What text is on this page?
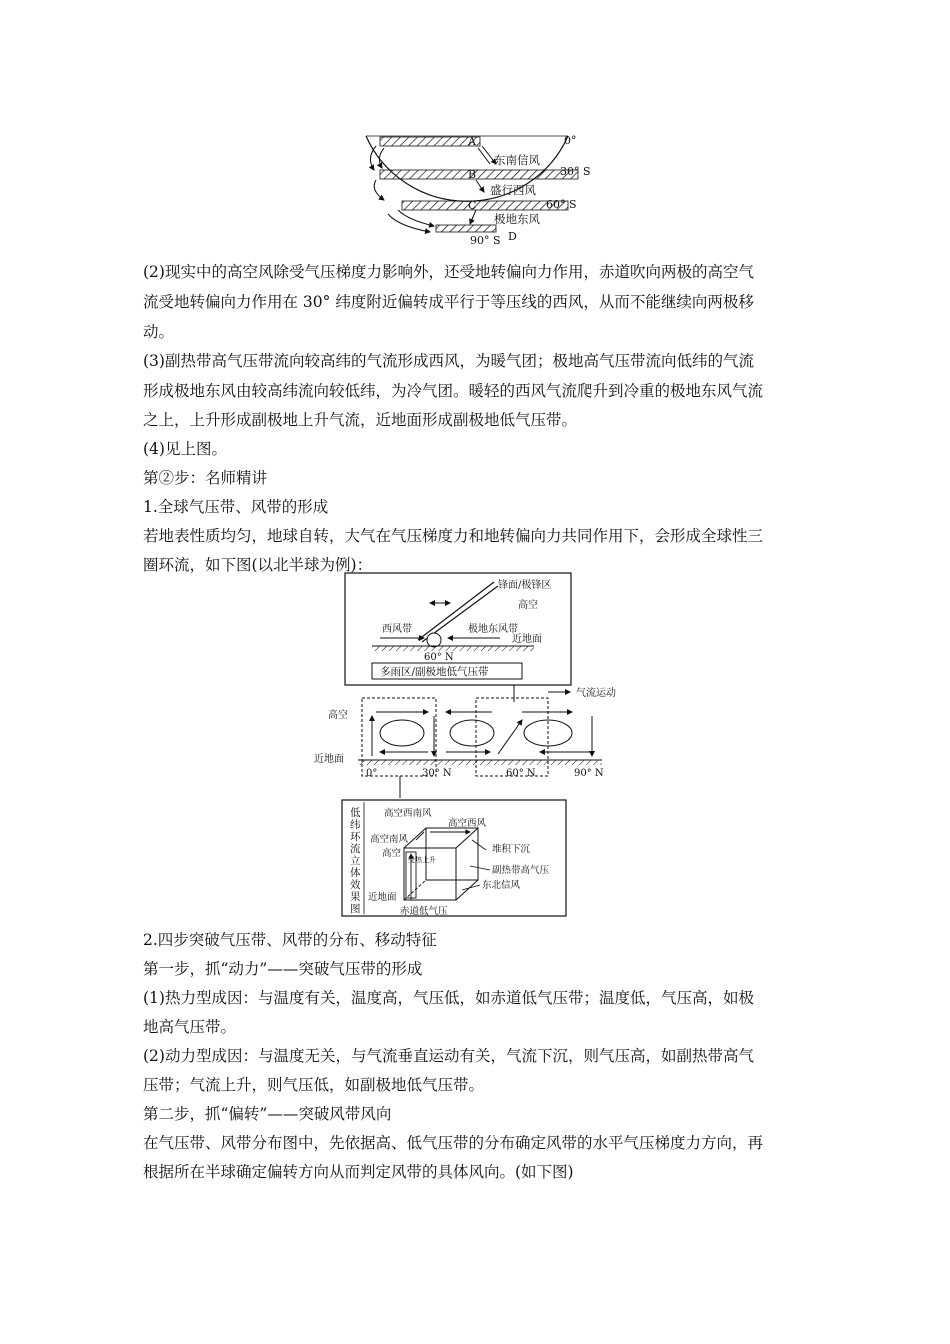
A
B
C
D
0°
30° S
60° S
90° S
东南信风
盛行西风
极地东风
(2)现实中的高空风除受气压梯度力影响外，还受地转偏向力作用，赤道吹向两极的高空气
流受地转偏向力作用在 30° 纬度附近偏转成平行于等压线的西风，从而不能继续向两极移
动。
(3)副热带高气压带流向较高纬的气流形成西风，为暖气团；极地高气压带流向低纬的气流
形成极地东风由较高纬流向较低纬，为冷气团。暖轻的西风气流爬升到冷重的极地东风气流
之上，上升形成副极地上升气流，近地面形成副极地低气压带。
(4)见上图。
第②步：名师精讲
1.全球气压带、风带的形成
若地表性质均匀，地球自转，大气在气压梯度力和地转偏向力共同作用下，会形成全球性三
圈环流，如下图(以北半球为例)：
锋面/极锋区
高空
西风带	极地东风带
近地面
60° N
多雨区/副极地低气压带
气流运动
高空
近地面
0°	30° N	60° N	90° N
低
纬
环
流
立
体
效
果
图
受热上升
高空西南风
高空西风
高空南风
高空	堆积下沉
副热带高气压
东北信风
近地面
赤道低气压
2.四步突破气压带、风带的分布、移动特征
第一步，抓“动力”——突破气压带的形成
(1)热力型成因：与温度有关，温度高，气压低，如赤道低气压带；温度低，气压高，如极
地高气压带。
(2)动力型成因：与温度无关，与气流垂直运动有关，气流下沉，则气压高，如副热带高气
压带；气流上升，则气压低，如副极地低气压带。
第二步，抓“偏转”——突破风带风向
在气压带、风带分布图中，先依据高、低气压带的分布确定风带的水平气压梯度力方向，再
根据所在半球确定偏转方向从而判定风带的具体风向。(如下图)
